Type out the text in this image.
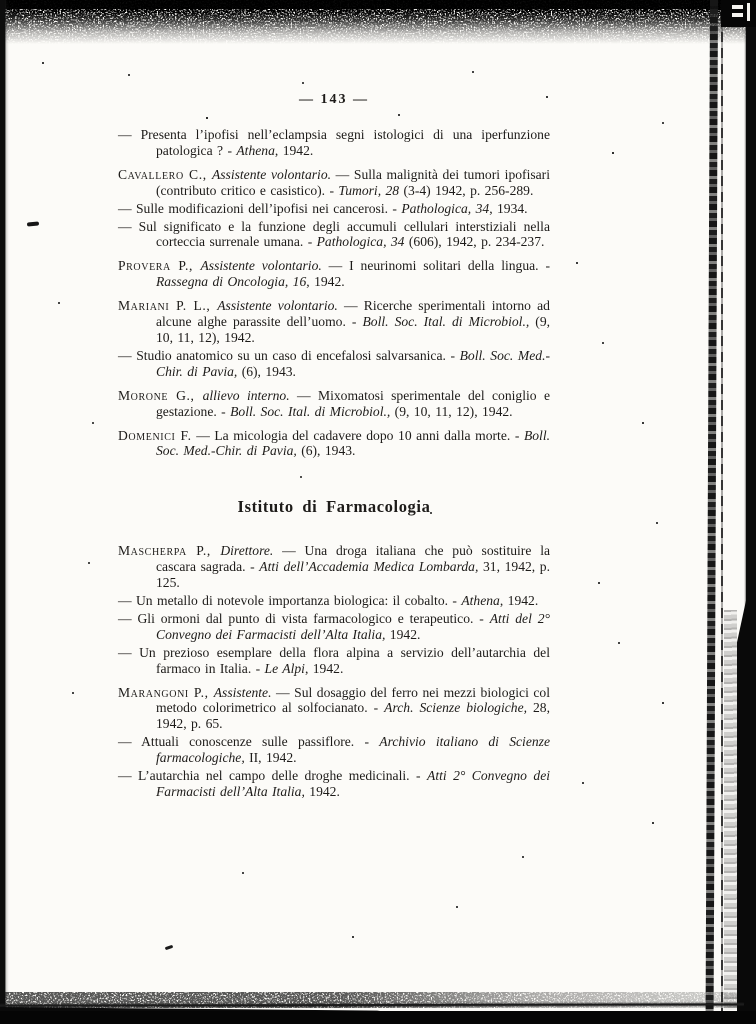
— 143 —

— Presenta l’ipofisi nell’eclampsia segni istologici di una iperfunzione patologica ? - Athena, 1942.

Cavallero C., Assistente volontario. — Sulla malignità dei tumori ipofisari (contributo critico e casistico). - Tumori, 28 (3-4) 1942, p. 256-289.

— Sulle modificazioni dell’ipofisi nei cancerosi. - Pathologica, 34, 1934.

— Sul significato e la funzione degli accumuli cellulari interstiziali nella corteccia surrenale umana. - Pathologica, 34 (606), 1942, p. 234-237.

Provera P., Assistente volontario. — I neurinomi solitari della lingua. - Rassegna di Oncologia, 16, 1942.

Mariani P. L., Assistente volontario. — Ricerche sperimentali intorno ad alcune alghe parassite dell’uomo. - Boll. Soc. Ital. di Microbiol., (9, 10, 11, 12), 1942.

— Studio anatomico su un caso di encefalosi salvarsanica. - Boll. Soc. Med.-Chir. di Pavia, (6), 1943.

Morone G., allievo interno. — Mixomatosi sperimentale del coniglio e gestazione. - Boll. Soc. Ital. di Microbiol., (9, 10, 11, 12), 1942.

Domenici F. — La micologia del cadavere dopo 10 anni dalla morte. - Boll. Soc. Med.-Chir. di Pavia, (6), 1943.

Istituto di Farmacologia

Mascherpa P., Direttore. — Una droga italiana che può sostituire la cascara sagrada. - Atti dell’Accademia Medica Lombarda, 31, 1942, p. 125.

— Un metallo di notevole importanza biologica: il cobalto. - Athena, 1942.

— Gli ormoni dal punto di vista farmacologico e terapeutico. - Atti del 2° Convegno dei Farmacisti dell’Alta Italia, 1942.

— Un prezioso esemplare della flora alpina a servizio dell’autarchia del farmaco in Italia. - Le Alpi, 1942.

Marangoni P., Assistente. — Sul dosaggio del ferro nei mezzi biologici col metodo colorimetrico al solfocianato. - Arch. Scienze biologiche, 28, 1942, p. 65.

— Attuali conoscenze sulle passiflore. - Archivio italiano di Scienze farmacologiche, II, 1942.

— L’autarchia nel campo delle droghe medicinali. - Atti 2° Convegno dei Farmacisti dell’Alta Italia, 1942.
